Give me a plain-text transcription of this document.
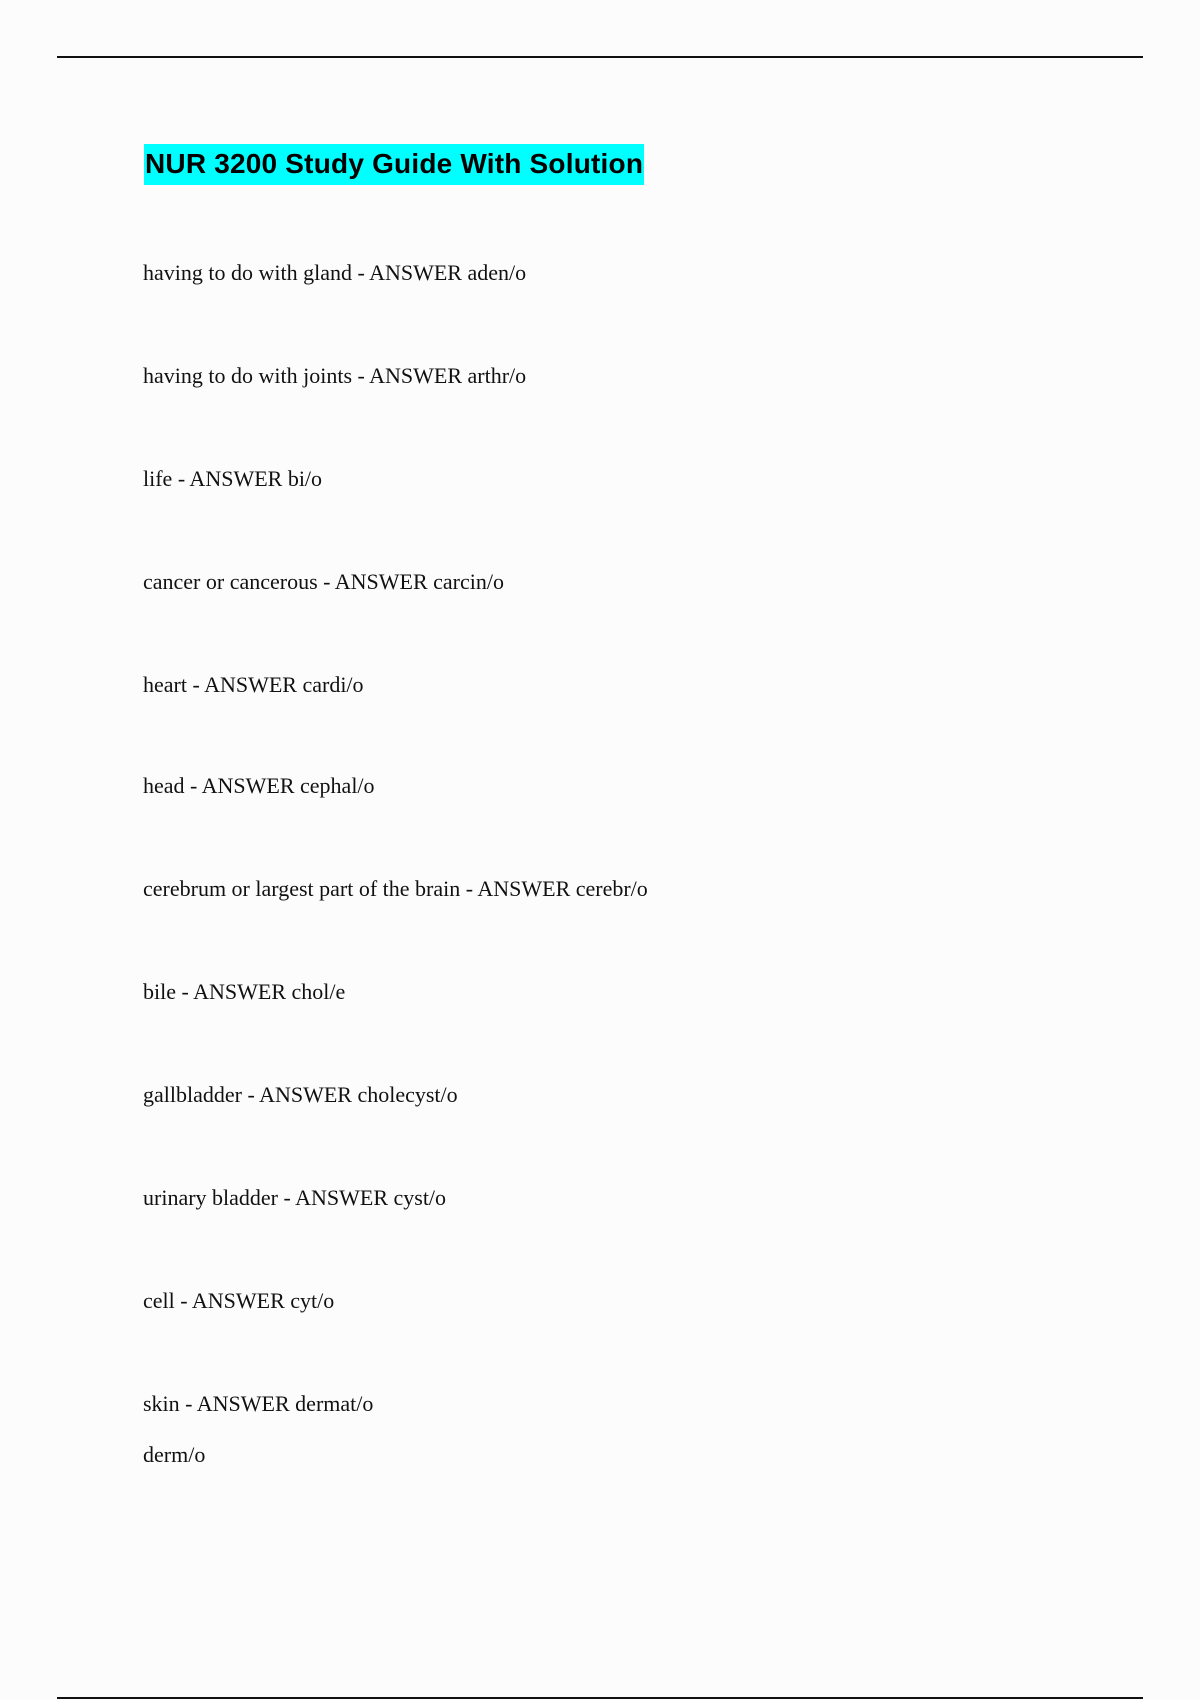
NUR 3200 Study Guide With Solution
having to do with gland - ANSWER aden/o
having to do with joints - ANSWER arthr/o
life - ANSWER bi/o
cancer or cancerous - ANSWER carcin/o
heart - ANSWER cardi/o
head - ANSWER cephal/o
cerebrum or largest part of the brain - ANSWER cerebr/o
bile - ANSWER chol/e
gallbladder - ANSWER cholecyst/o
urinary bladder - ANSWER cyst/o
cell - ANSWER cyt/o
skin - ANSWER dermat/o
derm/o
